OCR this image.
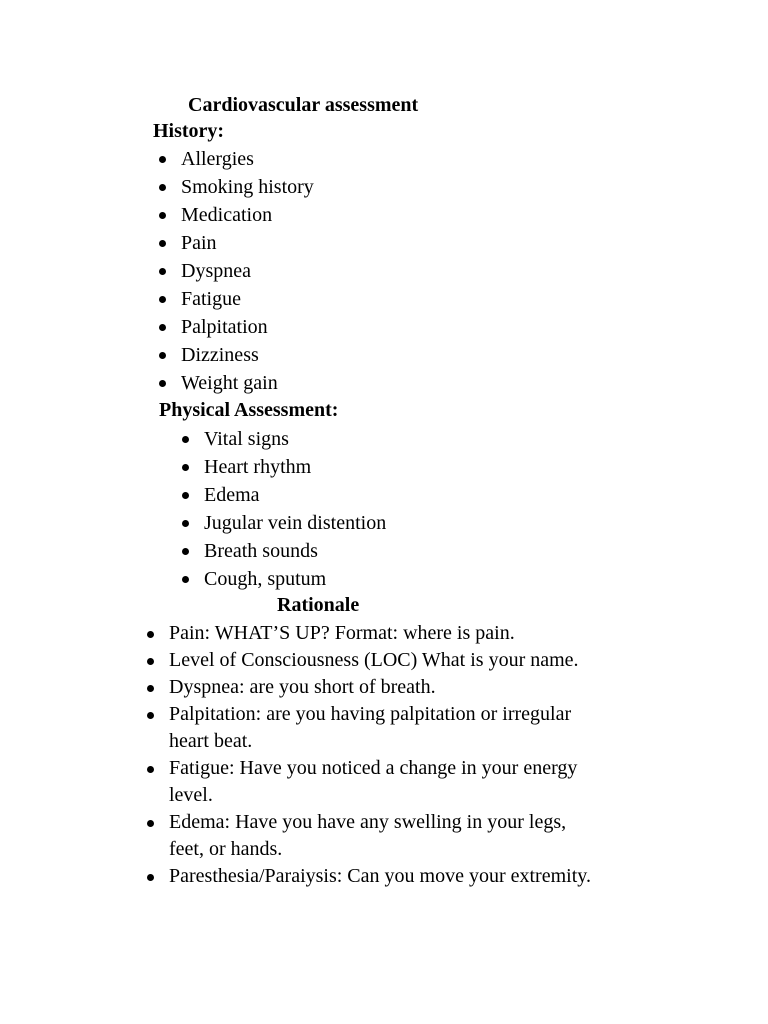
Cardiovascular assessment
History:
Allergies
Smoking history
Medication
Pain
Dyspnea
Fatigue
Palpitation
Dizziness
Weight gain
Physical Assessment:
Vital signs
Heart rhythm
Edema
Jugular vein distention
Breath sounds
Cough, sputum
Rationale
Pain: WHAT’S UP? Format: where is pain.
Level of Consciousness (LOC) What is your name.
Dyspnea: are you short of breath.
Palpitation: are you having palpitation or irregular
heart beat.
Fatigue: Have you noticed a change in your energy
level.
Edema: Have you have any swelling in your legs,
feet, or hands.
Paresthesia/Paraiysis: Can you move your extremity.
